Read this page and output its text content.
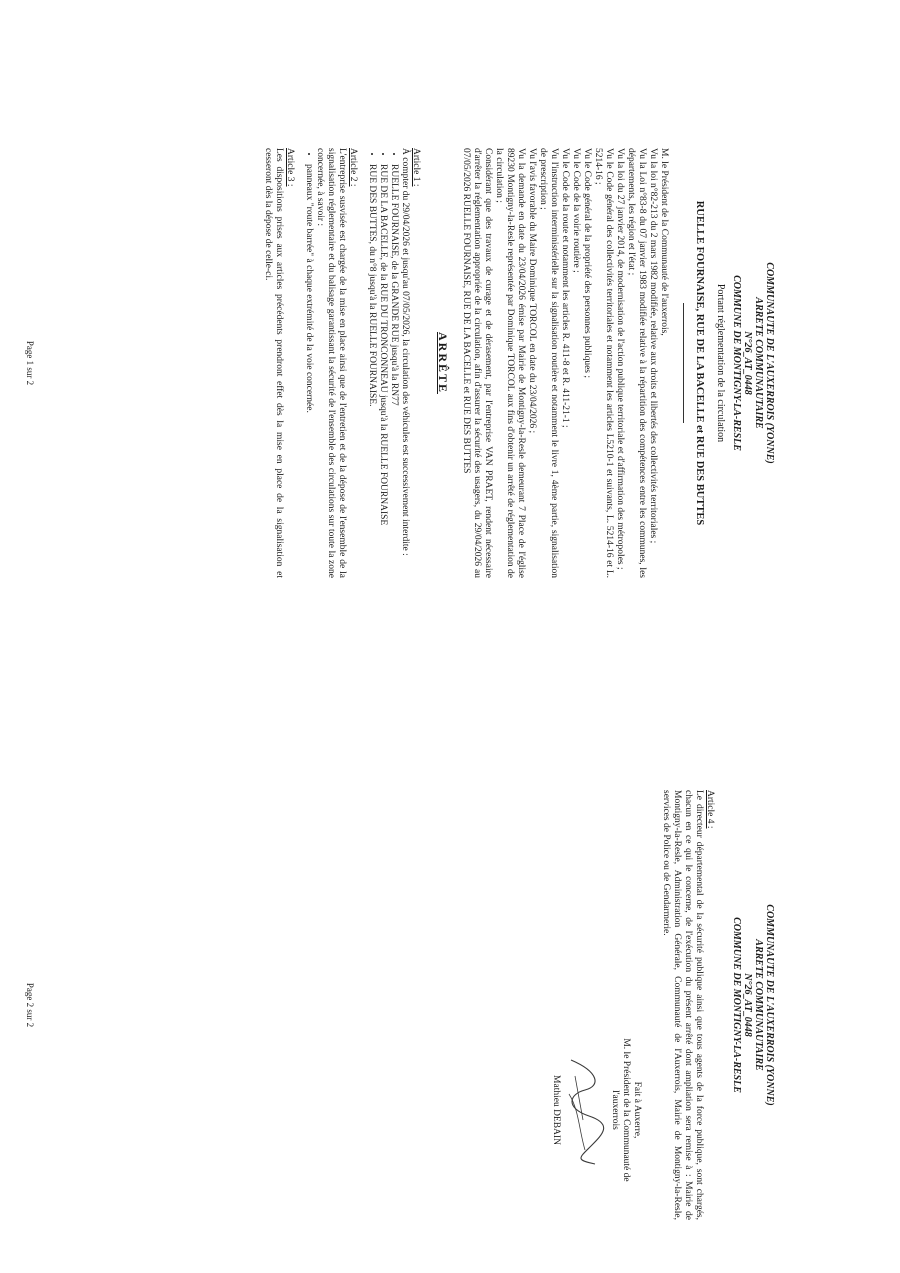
COMMUNAUTE DE L'AUXERROIS (YONNE)

ARRETE COMMUNAUTAIRE

N°26_AT_0448

COMMUNE DE MONTIGNY-LA-RESLE

Portant réglementation de la circulation

RUELLE FOURNAISE, RUE DE LA BACELLE et RUE DES BUTTES

M. le Président de la Communauté de l'auxerrois,

Vu la loi n°82-213 du 2 mars 1982 modifiée, relative aux droits et libertés des collectivités territoriales ;

Vu la Loi n°83-8 du 07 janvier 1983 modifiée relative à la répartition des compétences entre les communes, les départements, les région et l'état ;

Vu la loi du 27 janvier 2014, de modernisation de l'action publique territoriale et d'affirmation des métropoles ;

Vu le Code général des collectivités territoriales et notamment les articles L5210-1 et suivants, L. 5214-16 et L. 5214-16 ;

Vu le Code général de la propriété des personnes publiques ;

Vu le Code de la voirie routière ;

Vu le Code de la route et notamment les articles R. 411-8 et R. 411-21-1 ;

Vu l'instruction interministérielle sur la signalisation routière et notamment le livre 1, 4ème partie, signalisation de prescription ;

Vu l'avis favorable du Maire Dominique TORCOL en date du 23/04/2026 ;

Vu la demande en date du 23/04/2026 émise par Mairie de Montigny-la-Resle demeurant 7 Place de l'église 89230 Montigny-la-Resle représentée par Dominique TORCOL aux fins d'obtenir un arrêté de réglementation de la circulation ;

Considérant que des travaux de curage et de dérasement, par l'entreprise VAN PRAET, rendent nécessaire d'arrêter la réglementation appropriée de la circulation, afin d'assurer la sécurité des usagers, du 29/04/2026 au 07/05/2026 RUELLE FOURNAISE, RUE DE LA BACELLE et RUE DES BUTTES

ARRÊTE

Article 1 :

À compter du 29/04/2026 et jusqu'au 07/05/2026, la circulation des véhicules est successivement interdite :

• RUELLE FOURNAISE, de la GRANDE RUE jusqu'à la RN77
• RUE DE LA BACELLE, de la RUE DU TRONCONNEAU jusqu'à la RUELLE FOURNAISE
• RUE DES BUTTES, du n°8 jusqu'à la RUELLE FOURNAISE.

Article 2 :

L'entreprise susvisée est chargée de la mise en place ainsi que de l'entretien et de la dépose de l'ensemble de la signalisation réglementaire et du balisage garantissant la sécurité de l'ensemble des circulations sur toute la zone concernée, à savoir :

• panneaux "route barrée" à chaque extrémité de la voie concernée.

Article 3 :

Les dispositions prises aux articles précédents prendront effet dès la mise en place de la signalisation et cesseront dès la dépose de celle-ci.

Page 1 sur 2

COMMUNAUTE DE L'AUXERROIS (YONNE)

ARRETE COMMUNAUTAIRE

N°26_AT_0448

COMMUNE DE MONTIGNY-LA-RESLE

Article 4 :

Le directeur départemental de la sécurité publique ainsi que tous agents de la force publique, sont chargés, chacun en ce qui le concerne, de l'exécution du présent arrêté dont ampliation sera remise à : Mairie de Montigny-la-Resle, Administration Générale, Communauté de l'Auxerrois, Mairie de Montigny-la-Resle, services de Police ou de Gendarmerie.

Fait à Auxerre,

M. le Président de la Communauté de

l'auxerrois

Mathieu DEBAIN

Page 2 sur 2
